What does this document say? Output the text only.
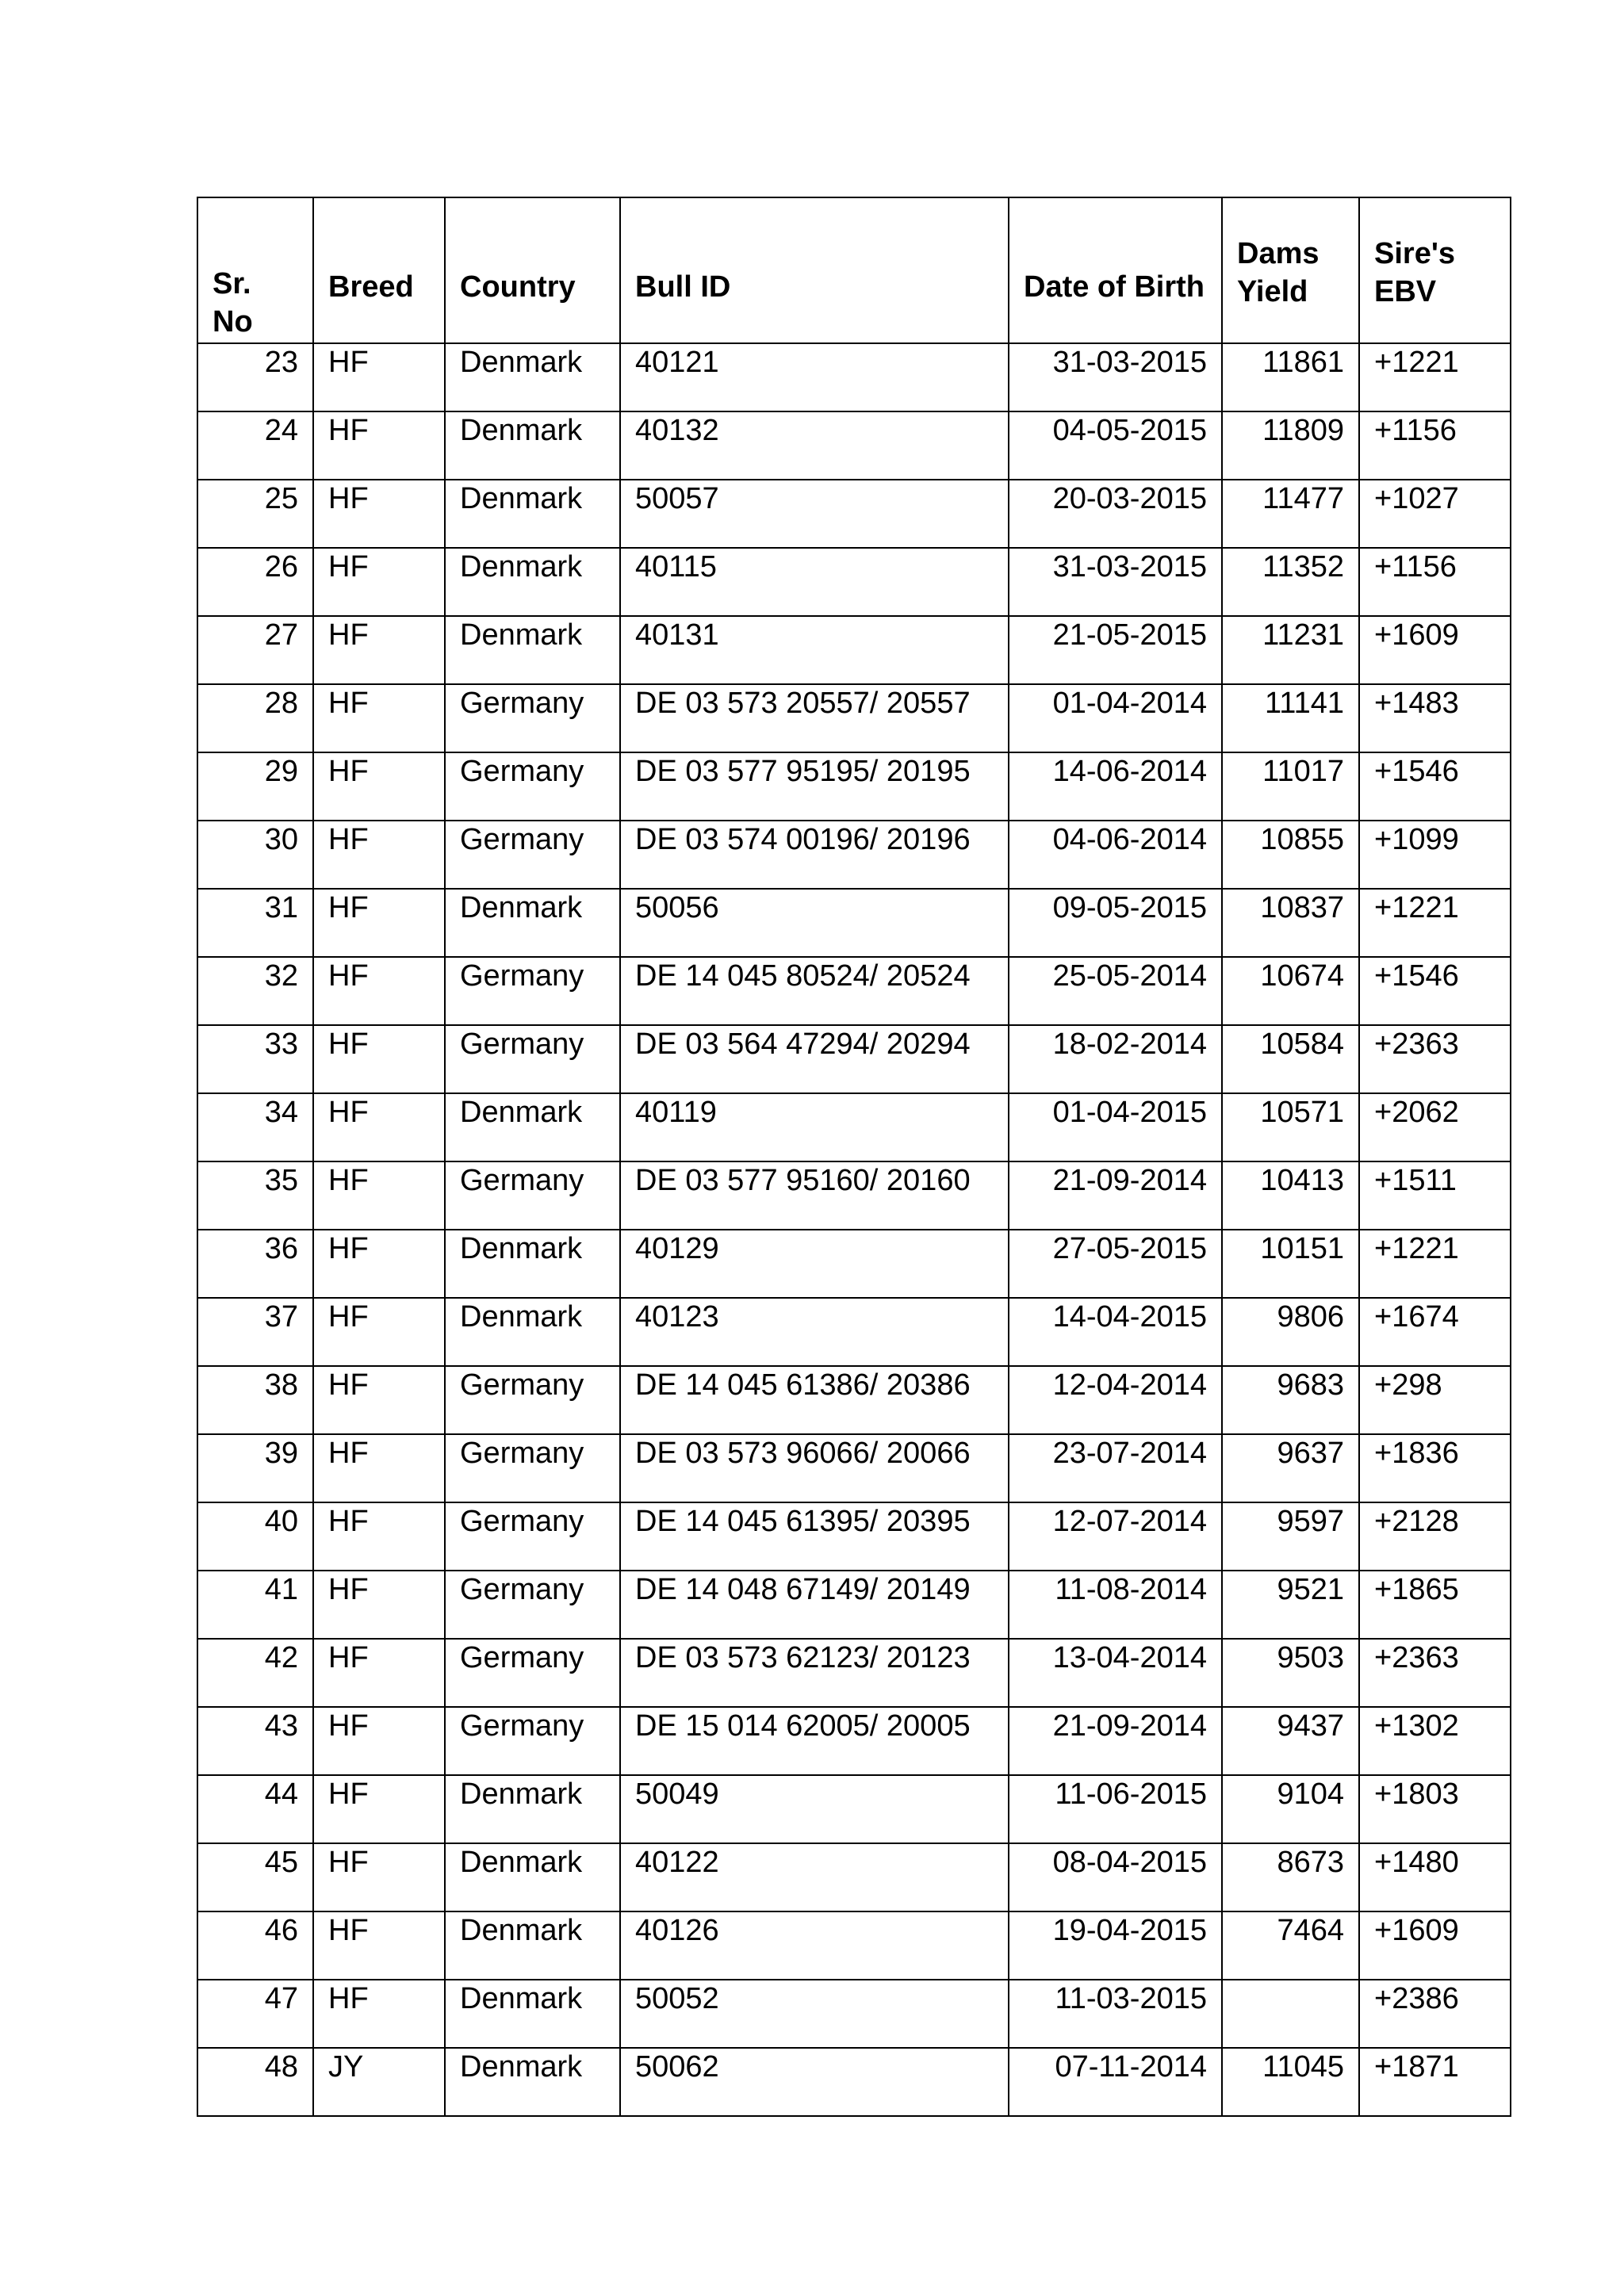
Sr. No	Breed	Country	Bull ID	Date of Birth	Dams Yield	Sire's EBV
23	HF	Denmark	40121	31-03-2015	11861	+1221
24	HF	Denmark	40132	04-05-2015	11809	+1156
25	HF	Denmark	50057	20-03-2015	11477	+1027
26	HF	Denmark	40115	31-03-2015	11352	+1156
27	HF	Denmark	40131	21-05-2015	11231	+1609
28	HF	Germany	DE 03 573 20557/ 20557	01-04-2014	11141	+1483
29	HF	Germany	DE 03 577 95195/ 20195	14-06-2014	11017	+1546
30	HF	Germany	DE 03 574 00196/ 20196	04-06-2014	10855	+1099
31	HF	Denmark	50056	09-05-2015	10837	+1221
32	HF	Germany	DE 14 045 80524/ 20524	25-05-2014	10674	+1546
33	HF	Germany	DE 03 564 47294/ 20294	18-02-2014	10584	+2363
34	HF	Denmark	40119	01-04-2015	10571	+2062
35	HF	Germany	DE 03 577 95160/ 20160	21-09-2014	10413	+1511
36	HF	Denmark	40129	27-05-2015	10151	+1221
37	HF	Denmark	40123	14-04-2015	9806	+1674
38	HF	Germany	DE 14 045 61386/ 20386	12-04-2014	9683	+298
39	HF	Germany	DE 03 573 96066/ 20066	23-07-2014	9637	+1836
40	HF	Germany	DE 14 045 61395/ 20395	12-07-2014	9597	+2128
41	HF	Germany	DE 14 048 67149/ 20149	11-08-2014	9521	+1865
42	HF	Germany	DE 03 573 62123/ 20123	13-04-2014	9503	+2363
43	HF	Germany	DE 15 014 62005/ 20005	21-09-2014	9437	+1302
44	HF	Denmark	50049	11-06-2015	9104	+1803
45	HF	Denmark	40122	08-04-2015	8673	+1480
46	HF	Denmark	40126	19-04-2015	7464	+1609
47	HF	Denmark	50052	11-03-2015		+2386
48	JY	Denmark	50062	07-11-2014	11045	+1871
